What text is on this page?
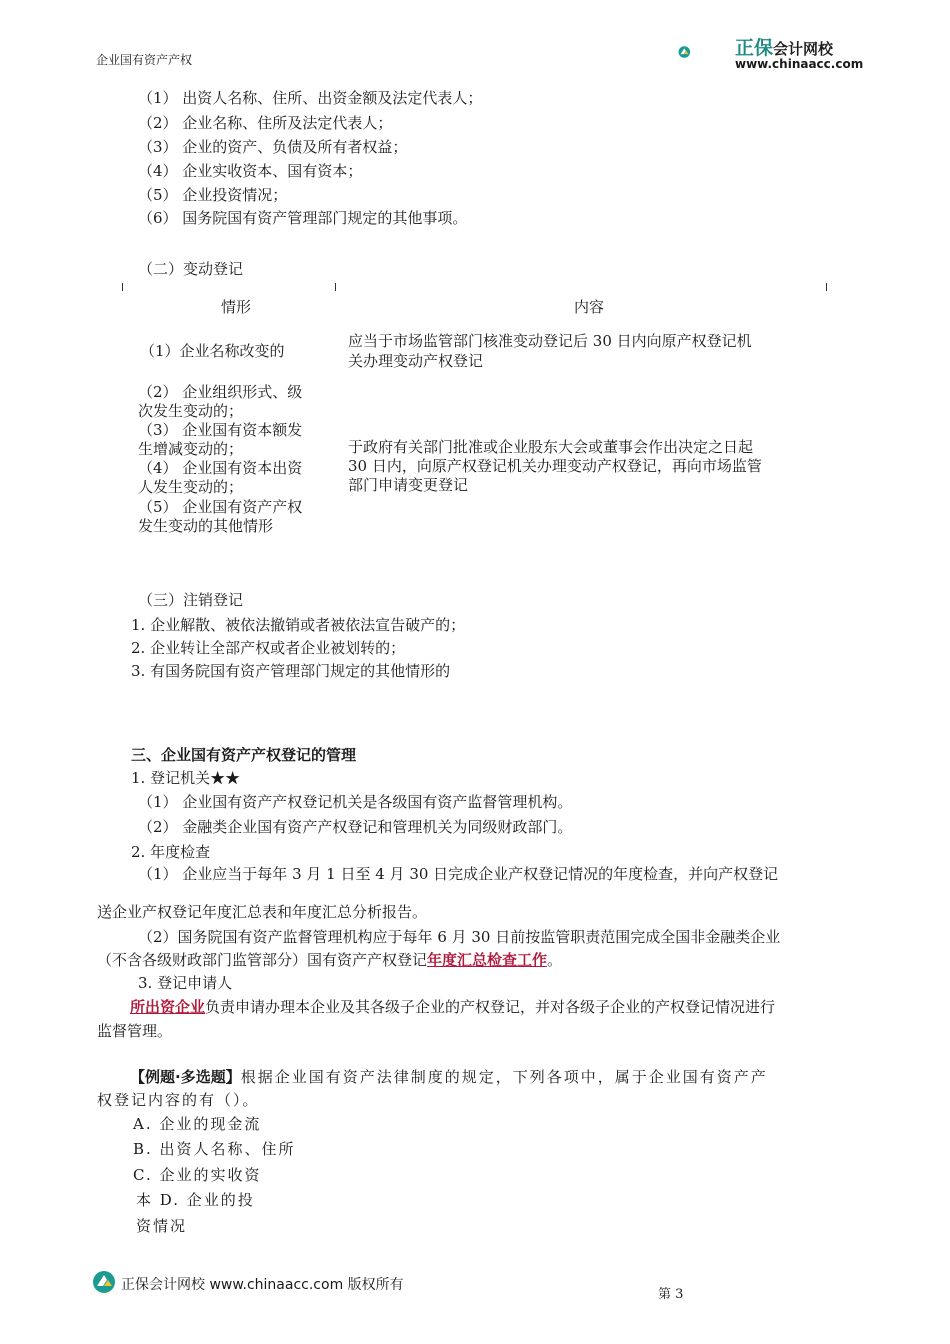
企业国有资产产权
正保会计网校
www.chinaacc.com
（1） 出资人名称、住所、出资金额及法定代表人；
（2） 企业名称、住所及法定代表人；
（3） 企业的资产、负债及所有者权益；
（4） 企业实收资本、国有资本；
（5） 企业投资情况；
（6） 国务院国有资产管理部门规定的其他事项。
（二）变动登记
情形	内容
（1）企业名称改变的
应当于市场监管部门核准变动登记后 30 日内向原产权登记机
关办理变动产权登记
（2） 企业组织形式、级
次发生变动的；
（3） 企业国有资本额发
生增减变动的；
（4） 企业国有资本出资
人发生变动的；
（5） 企业国有资产产权
发生变动的其他情形
于政府有关部门批准或企业股东大会或董事会作出决定之日起
30 日内，向原产权登记机关办理变动产权登记，再向市场监管
部门申请变更登记
（三）注销登记
1. 企业解散、被依法撤销或者被依法宣告破产的；
2. 企业转让全部产权或者企业被划转的；
3. 有国务院国有资产管理部门规定的其他情形的
三、企业国有资产产权登记的管理
1. 登记机关★★
（1） 企业国有资产产权登记机关是各级国有资产监督管理机构。
（2） 金融类企业国有资产产权登记和管理机关为同级财政部门。
2. 年度检查
（1） 企业应当于每年 3 月 1 日至 4 月 30 日完成企业产权登记情况的年度检查，并向产权登记
送企业产权登记年度汇总表和年度汇总分析报告。
（2）国务院国有资产监督管理机构应于每年 6 月 30 日前按监管职责范围完成全国非金融类企业
（不含各级财政部门监管部分）国有资产产权登记年度汇总检查工作。
3. 登记申请人
所出资企业负责申请办理本企业及其各级子企业的产权登记，并对各级子企业的产权登记情况进行
监督管理。
【例题·多选题】根据企业国有资产法律制度的规定，下列各项中，属于企业国有资产产
权登记内容的有（）。
A. 企业的现金流
B. 出资人名称、住所
C. 企业的实收资
本 D. 企业的投
资情况
正保会计网校 www.chinaacc.com 版权所有
第 3
